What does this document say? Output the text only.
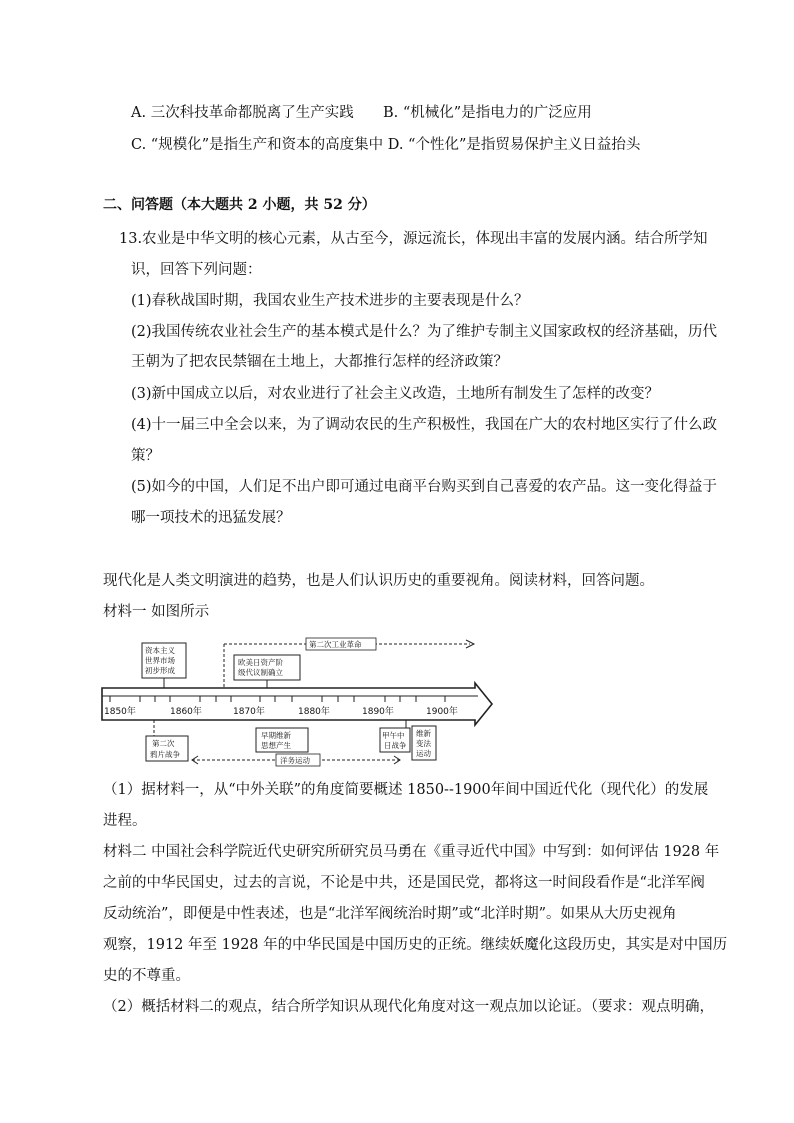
A. 三次科技革命都脱离了生产实践 B. “机械化”是指电力的广泛应用
C. “规模化”是指生产和资本的高度集中 D. “个性化”是指贸易保护主义日益抬头
二、问答题（本大题共 2 小题，共 52 分）
13.农业是中华文明的核心元素，从古至今，源远流长，体现出丰富的发展内涵。结合所学知
识，回答下列问题：
(1)春秋战国时期，我国农业生产技术进步的主要表现是什么？
(2)我国传统农业社会生产的基本模式是什么？为了维护专制主义国家政权的经济基础，历代
王朝为了把农民禁锢在土地上，大都推行怎样的经济政策？
(3)新中国成立以后，对农业进行了社会主义改造，土地所有制发生了怎样的改变？
(4)十一届三中全会以来，为了调动农民的生产积极性，我国在广大的农村地区实行了什么政
策？
(5)如今的中国，人们足不出户即可通过电商平台购买到自己喜爱的农产品。这一变化得益于
哪一项技术的迅猛发展？
现代化是人类文明演进的趋势，也是人们认识历史的重要视角。阅读材料，回答问题。
材料一 如图所示
1850年	1860年	1870年	1880年	1890年	1900年
资本主义
世界市场
初步形成
第二次工业革命
欧美日资产阶
级代议制确立
第二次
鸦片战争
早期维新
思想产生
洋务运动
甲午中
日战争
维新
变法
运动
（1）据材料一，从“中外关联”的角度简要概述 1850--1900年间中国近代化（现代化）的发展
进程。
材料二 中国社会科学院近代史研究所研究员马勇在《重寻近代中国》中写到：如何评估 1928 年
之前的中华民国史，过去的言说，不论是中共，还是国民党，都将这一时间段看作是“北洋军阀
反动统治”，即便是中性表述，也是“北洋军阀统治时期”或“北洋时期”。如果从大历史视角
观察，1912 年至 1928 年的中华民国是中国历史的正统。继续妖魔化这段历史，其实是对中国历
史的不尊重。
（2）概括材料二的观点，结合所学知识从现代化角度对这一观点加以论证。（要求：观点明确，
